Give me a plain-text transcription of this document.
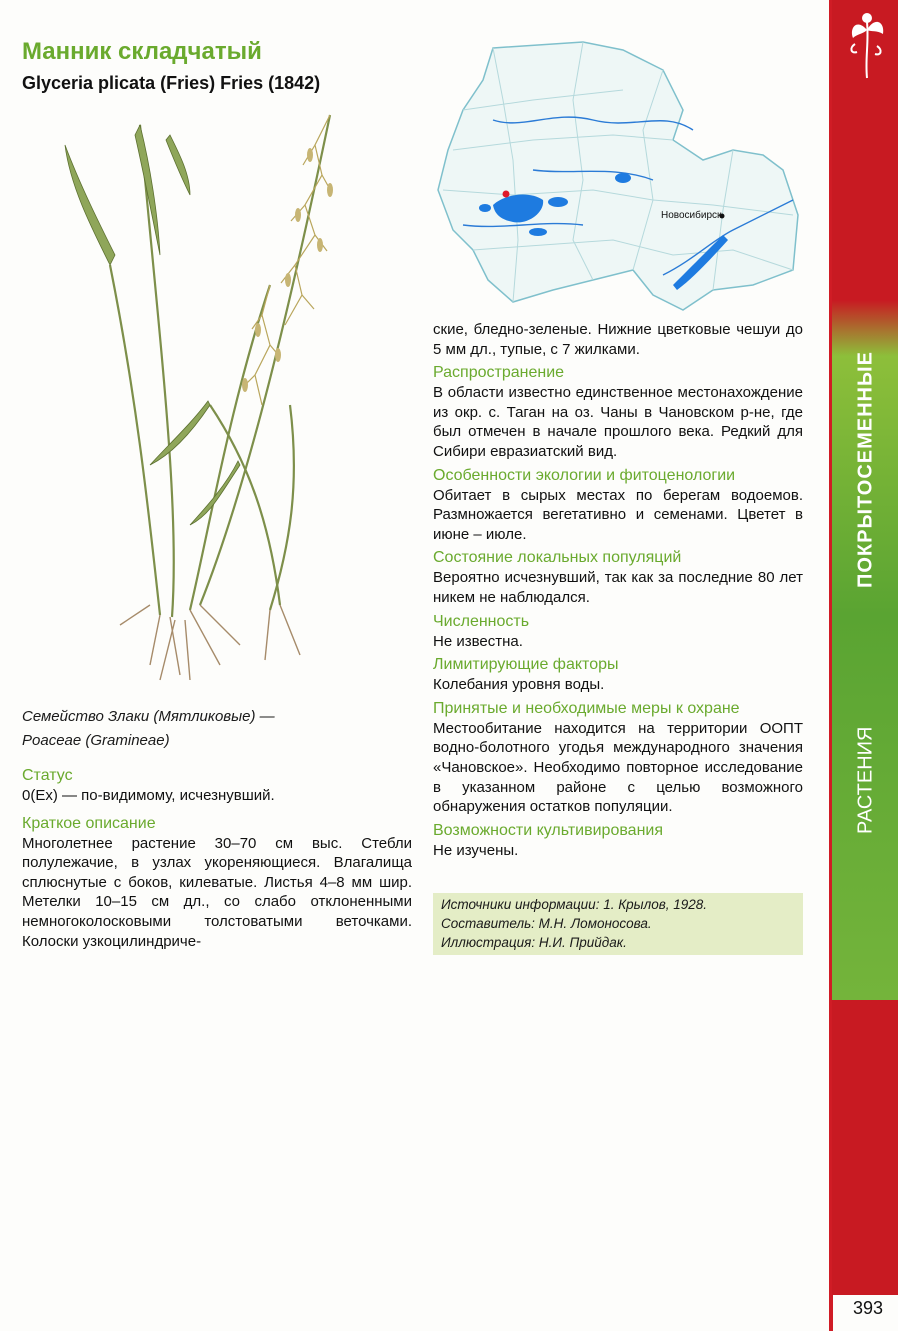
ПОКРЫТОСЕМЕННЫЕ
РАСТЕНИЯ
393
Манник складчатый
Glyceria plicata (Fries) Fries (1842)
Новосибирск
Семейство Злаки (Мятликовые) —
Poaceae (Gramineae)
Статус
0(Ех) — по-видимому, исчезнувший.
Краткое описание
Многолетнее растение 30–70 см выс. Стебли полулежачие, в узлах укореняющиеся. Влагалища сплюснутые с боков, килеватые. Листья 4–8 мм шир. Метелки 10–15 см дл., со слабо отклоненными немногоколосковыми толстоватыми веточками. Колоски узкоцилиндриче-
ские, бледно-зеленые. Нижние цветковые чешуи до 5 мм дл., тупые, с 7 жилками.
Распространение
В области известно единственное местонахождение из окр. с. Таган на оз. Чаны в Чановском р-не, где был отмечен в начале прошлого века. Редкий для Сибири евразиатский вид.
Особенности экологии и фитоценологии
Обитает в сырых местах по берегам водоемов. Размножается вегетативно и семенами. Цветет в июне – июле.
Состояние локальных популяций
Вероятно исчезнувший, так как за последние 80 лет никем не наблюдался.
Численность
Не известна.
Лимитирующие факторы
Колебания уровня воды.
Принятые и необходимые меры к охране
Местообитание находится на территории ООПТ водно-болотного угодья международного значения «Чановское». Необходимо повторное исследование в указанном районе с целью возможного обнаружения остатков популяции.
Возможности культивирования
Не изучены.
Источники информации: 1. Крылов, 1928.
Составитель: М.Н. Ломоносова.
Иллюстрация: Н.И. Прийдак.
